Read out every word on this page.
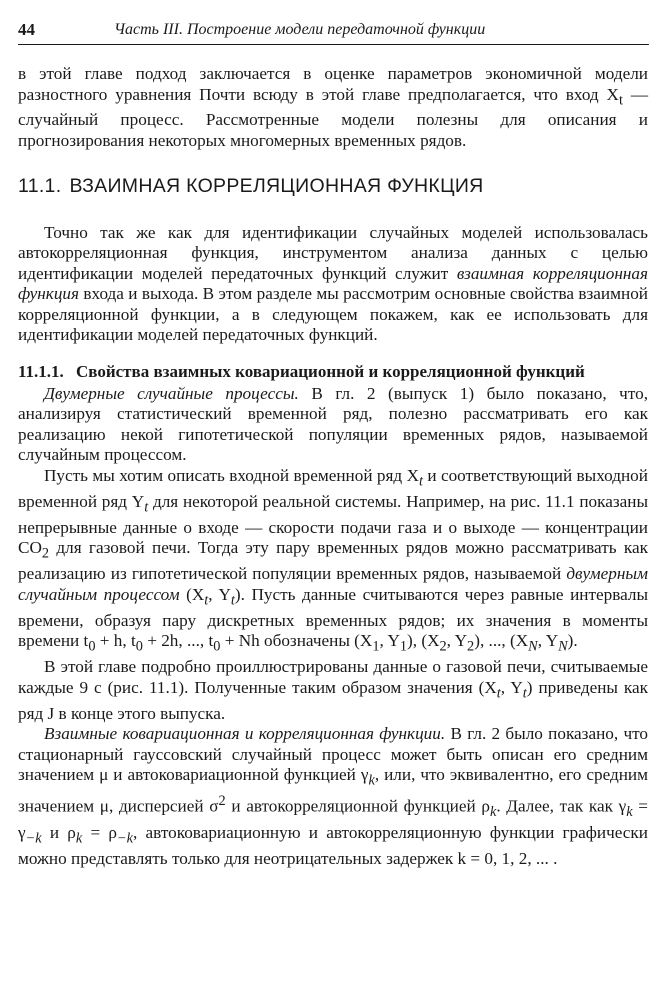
44	Часть III. Построение модели передаточной функции

в этой главе подход заключается в оценке параметров экономичной модели разностного уравнения Почти всюду в этой главе предполагается, что вход $X_t$ — случайный процесс. Рассмотренные модели полезны для описания и прогнозирования некоторых многомерных временных рядов.

11.1. ВЗАИМНАЯ КОРРЕЛЯЦИОННАЯ ФУНКЦИЯ

Точно так же как для идентификации случайных моделей использовалась автокорреляционная функция, инструментом анализа данных с целью идентификации моделей передаточных функций служит взаимная корреляционная функция входа и выхода. В этом разделе мы рассмотрим основные свойства взаимной корреляционной функции, а в следующем покажем, как ее использовать для идентификации моделей передаточных функций.

11.1.1. Свойства взаимных ковариационной и корреляционной функций

Двумерные случайные процессы. В гл. 2 (выпуск 1) было показано, что, анализируя статистический временной ряд, полезно рассматривать его как реализацию некой гипотетической популяции временных рядов, называемой случайным процессом.

Пусть мы хотим описать входной временной ряд $X_t$ и соответствующий выходной временной ряд $Y_t$ для некоторой реальной системы. Например, на рис. 11.1 показаны непрерывные данные о входе — скорости подачи газа и о выходе — концентрации $CO_2$ для газовой печи. Тогда эту пару временных рядов можно рассматривать как реализацию из гипотетической популяции временных рядов, называемой двумерным случайным процессом ($X_t$, $Y_t$). Пусть данные считываются через равные интервалы времени, образуя пару дискретных временных рядов; их значения в моменты времени $t_0 + h$, $t_0 + 2h$, ..., $t_0 + Nh$ обозначены ($X_1$, $Y_1$), ($X_2$, $Y_2$), ..., ($X_N$, $Y_N$).

В этой главе подробно проиллюстрированы данные о газовой печи, считываемые каждые 9 с (рис. 11.1). Полученные таким образом значения ($X_t$, $Y_t$) приведены как ряд J в конце этого выпуска.

Взаимные ковариационная и корреляционная функции. В гл. 2 было показано, что стационарный гауссовский случайный процесс может быть описан его средним значением μ и автоковариационной функцией $\gamma_k$, или, что эквивалентно, его средним значением μ, дисперсией $\sigma^2$ и автокорреляционной функцией $\rho_k$. Далее, так как $\gamma_k = \gamma_{-k}$ и $\rho_k = \rho_{-k}$, автоковариационную и автокорреляционную функции графически можно представлять только для неотрицательных задержек k = 0, 1, 2, ... .
